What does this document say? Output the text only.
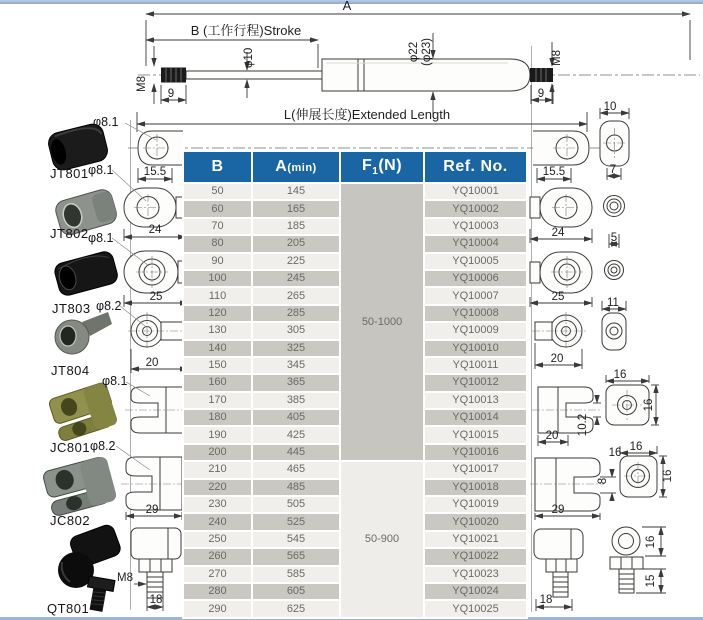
A
B (工作行程)Stroke
φ10	φ22 (φ23)
M8
9
M8
9
L(伸展长度)Extended Length
15.5	15.5
24
25
20
29
M8
18
10
24
7
25
5
20
11
20 10.2
16
16
8
29
16
16
16
16
15
18
JT801
JT802
JT803
JT804
JC801
JC802
QT801
φ8.1
φ8.1
φ8.1
φ8.2
φ8.1
φ8.2
B	A(min)	$F_1(N)$	Ref. No.
50	145	50-1000	YQ10001
60	165		YQ10002
70	185		YQ10003
80	205		YQ10004
90	225		YQ10005
100	245		YQ10006
110	265		YQ10007
120	285		YQ10008
130	305		YQ10009
140	325		YQ10010
150	345		YQ10011
160	365		YQ10012
170	385		YQ10013
180	405		YQ10014
190	425		YQ10015
200	445		YQ10016
210	465	50-900	YQ10017
220	485		YQ10018
230	505		YQ10019
240	525		YQ10020
250	545		YQ10021
260	565		YQ10022
270	585		YQ10023
280	605		YQ10024
290	625		YQ10025
